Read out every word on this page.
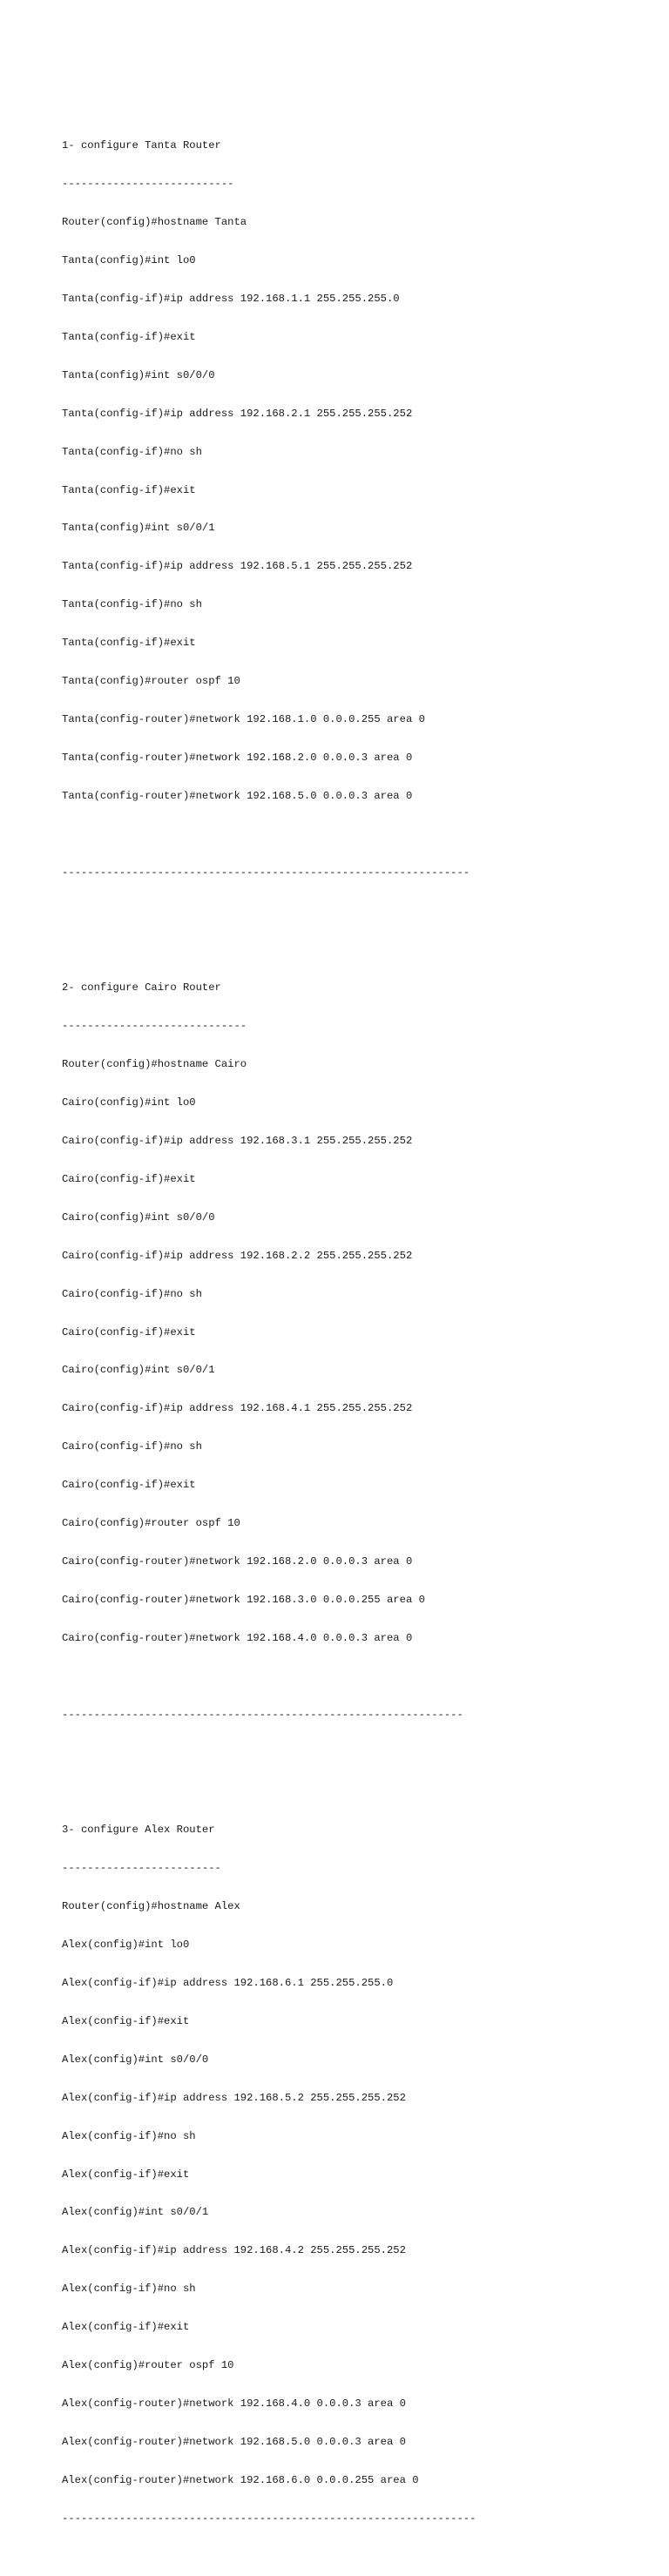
1- configure Tanta Router

---------------------------

Router(config)#hostname Tanta

Tanta(config)#int lo0

Tanta(config-if)#ip address 192.168.1.1 255.255.255.0

Tanta(config-if)#exit

Tanta(config)#int s0/0/0

Tanta(config-if)#ip address 192.168.2.1 255.255.255.252

Tanta(config-if)#no sh

Tanta(config-if)#exit

Tanta(config)#int s0/0/1

Tanta(config-if)#ip address 192.168.5.1 255.255.255.252

Tanta(config-if)#no sh

Tanta(config-if)#exit

Tanta(config)#router ospf 10

Tanta(config-router)#network 192.168.1.0 0.0.0.255 area 0

Tanta(config-router)#network 192.168.2.0 0.0.0.3 area 0

Tanta(config-router)#network 192.168.5.0 0.0.0.3 area 0

----------------------------------------------------------------

2- configure Cairo Router

-----------------------------

Router(config)#hostname Cairo

Cairo(config)#int lo0

Cairo(config-if)#ip address 192.168.3.1 255.255.255.252

Cairo(config-if)#exit

Cairo(config)#int s0/0/0

Cairo(config-if)#ip address 192.168.2.2 255.255.255.252

Cairo(config-if)#no sh

Cairo(config-if)#exit

Cairo(config)#int s0/0/1

Cairo(config-if)#ip address 192.168.4.1 255.255.255.252

Cairo(config-if)#no sh

Cairo(config-if)#exit

Cairo(config)#router ospf 10

Cairo(config-router)#network 192.168.2.0 0.0.0.3 area 0

Cairo(config-router)#network 192.168.3.0 0.0.0.255 area 0

Cairo(config-router)#network 192.168.4.0 0.0.0.3 area 0

---------------------------------------------------------------

3- configure Alex Router

-------------------------

Router(config)#hostname Alex

Alex(config)#int lo0

Alex(config-if)#ip address 192.168.6.1 255.255.255.0

Alex(config-if)#exit

Alex(config)#int s0/0/0

Alex(config-if)#ip address 192.168.5.2 255.255.255.252

Alex(config-if)#no sh

Alex(config-if)#exit

Alex(config)#int s0/0/1

Alex(config-if)#ip address 192.168.4.2 255.255.255.252

Alex(config-if)#no sh

Alex(config-if)#exit

Alex(config)#router ospf 10

Alex(config-router)#network 192.168.4.0 0.0.0.3 area 0

Alex(config-router)#network 192.168.5.0 0.0.0.3 area 0

Alex(config-router)#network 192.168.6.0 0.0.0.255 area 0

-----------------------------------------------------------------
